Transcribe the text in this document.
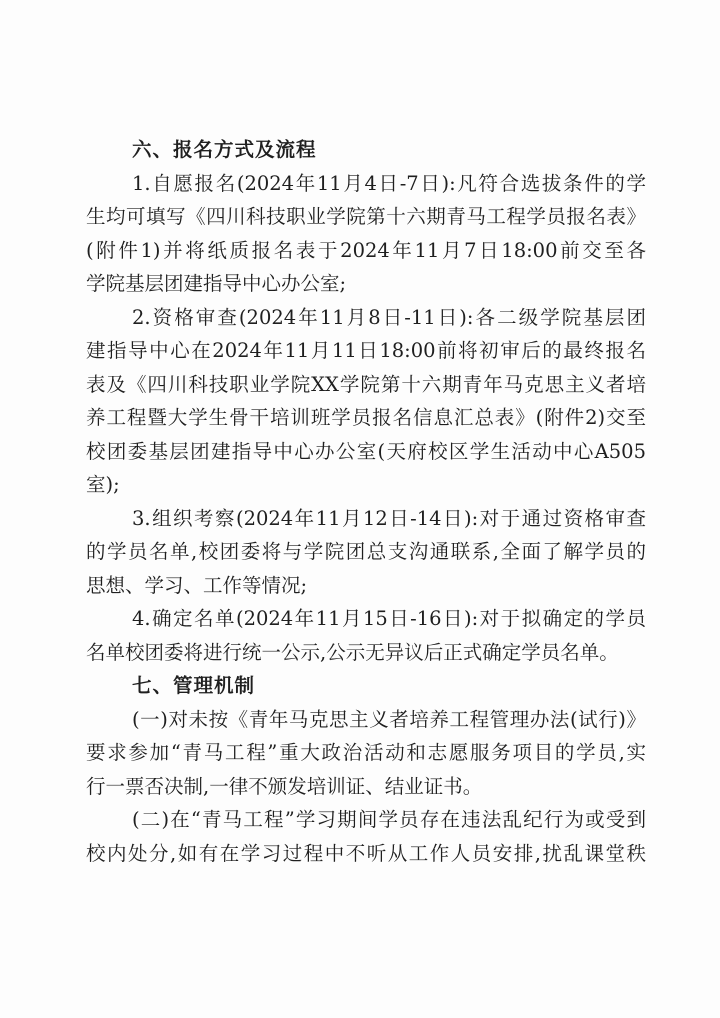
六、报名方式及流程
1.自愿报名(2024年11月4日-7日):凡符合选拔条件的学
生均可填写《四川科技职业学院第十六期青马工程学员报名表》
(附件1)并将纸质报名表于2024年11月7日18:00前交至各
学院基层团建指导中心办公室;
2.资格审查(2024年11月8日-11日):各二级学院基层团
建指导中心在2024年11月11日18:00前将初审后的最终报名
表及《四川科技职业学院XX学院第十六期青年马克思主义者培
养工程暨大学生骨干培训班学员报名信息汇总表》(附件2)交至
校团委基层团建指导中心办公室(天府校区学生活动中心A505
室);
3.组织考察(2024年11月12日-14日):对于通过资格审查
的学员名单,校团委将与学院团总支沟通联系,全面了解学员的
思想、学习、工作等情况;
4.确定名单(2024年11月15日-16日):对于拟确定的学员
名单校团委将进行统一公示,公示无异议后正式确定学员名单。
七、管理机制
(一)对未按《青年马克思主义者培养工程管理办法(试行)》
要求参加“青马工程”重大政治活动和志愿服务项目的学员,实
行一票否决制,一律不颁发培训证、结业证书。
(二)在“青马工程”学习期间学员存在违法乱纪行为或受到
校内处分,如有在学习过程中不听从工作人员安排,扰乱课堂秩
